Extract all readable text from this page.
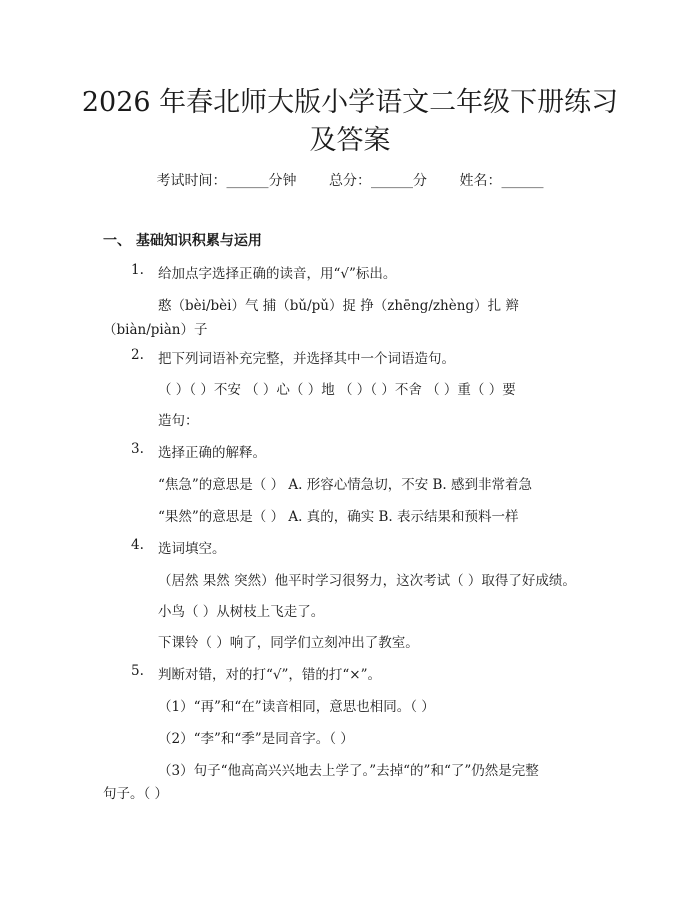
2026 年春北师大版小学语文二年级下册练习
及答案
考试时间：______分钟 总分：______分 姓名：______
一、 基础知识积累与运用
1. 给加点字选择正确的读音，用“√”标出。
憨（bèi/bèi）气 捕（bǔ/pǔ）捉 挣（zhēng/zhèng）扎 辫
（biàn/piàn）子
2. 把下列词语补充完整，并选择其中一个词语造句。
（ ）（ ）不安 （ ）心（ ）地 （ ）（ ）不舍 （ ）重（ ）要
造句：
3. 选择正确的解释。
“焦急”的意思是（ ） A. 形容心情急切，不安 B. 感到非常着急
“果然”的意思是（ ） A. 真的，确实 B. 表示结果和预料一样
4. 选词填空。
（居然 果然 突然）他平时学习很努力，这次考试（ ）取得了好成绩。
小鸟（ ）从树枝上飞走了。
下课铃（ ）响了，同学们立刻冲出了教室。
5. 判断对错，对的打“√”，错的打“×”。
（1）“再”和“在”读音相同，意思也相同。（ ）
（2）“李”和“季”是同音字。（ ）
（3）句子“他高高兴兴地去上学了。”去掉“的”和“了”仍然是完整
句子。（ ）
